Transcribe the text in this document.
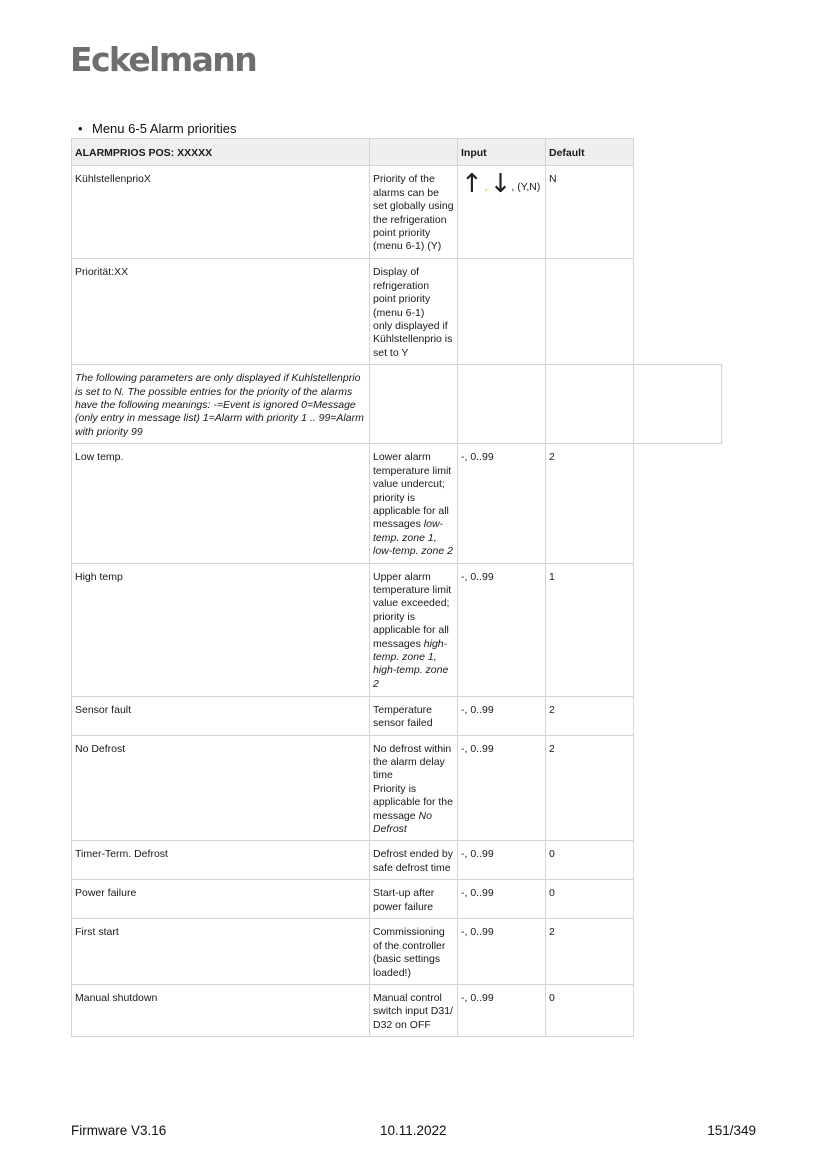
Eckelmann
• Menu 6-5 Alarm priorities
ALARMPRIOS POS: XXXXX		Input	Default	
KühlstellenprioX	Priority of the alarms can be set globally using the refrigeration point priority (menu 6-1) (Y)	↑ ,↓, (Y,N)	N	
Priorität:XX	Display of refrigeration point priority (menu 6-1)
only displayed if Kühlstellenprio is set to Y			
The following parameters are only displayed if Kuhlstellenprio is set to N. The possible entries for the priority of the alarms have the following meanings: -=Event is ignored 0=Message (only entry in message list) 1=Alarm with priority 1 .. 99=Alarm with priority 99				
Low temp.	Lower alarm temperature limit value undercut; priority is applicable for all messages low-temp. zone 1, low-temp. zone 2	-, 0..99	2	
High temp	Upper alarm temperature limit value exceeded; priority is applicable for all messages high-temp. zone 1, high-temp. zone 2	-, 0..99	1	
Sensor fault	Temperature sensor failed	-, 0..99	2	
No Defrost	No defrost within the alarm delay time
Priority is applicable for the message No Defrost	-, 0..99	2	
Timer-Term. Defrost	Defrost ended by safe defrost time	-, 0..99	0	
Power failure	Start-up after power failure	-, 0..99	0	
First start	Commissioning of the controller (basic settings loaded!)	-, 0..99	2	
Manual shutdown	Manual control switch input D31/ D32 on OFF	-, 0..99	0	
Firmware V3.16	10.11.2022	151/349
